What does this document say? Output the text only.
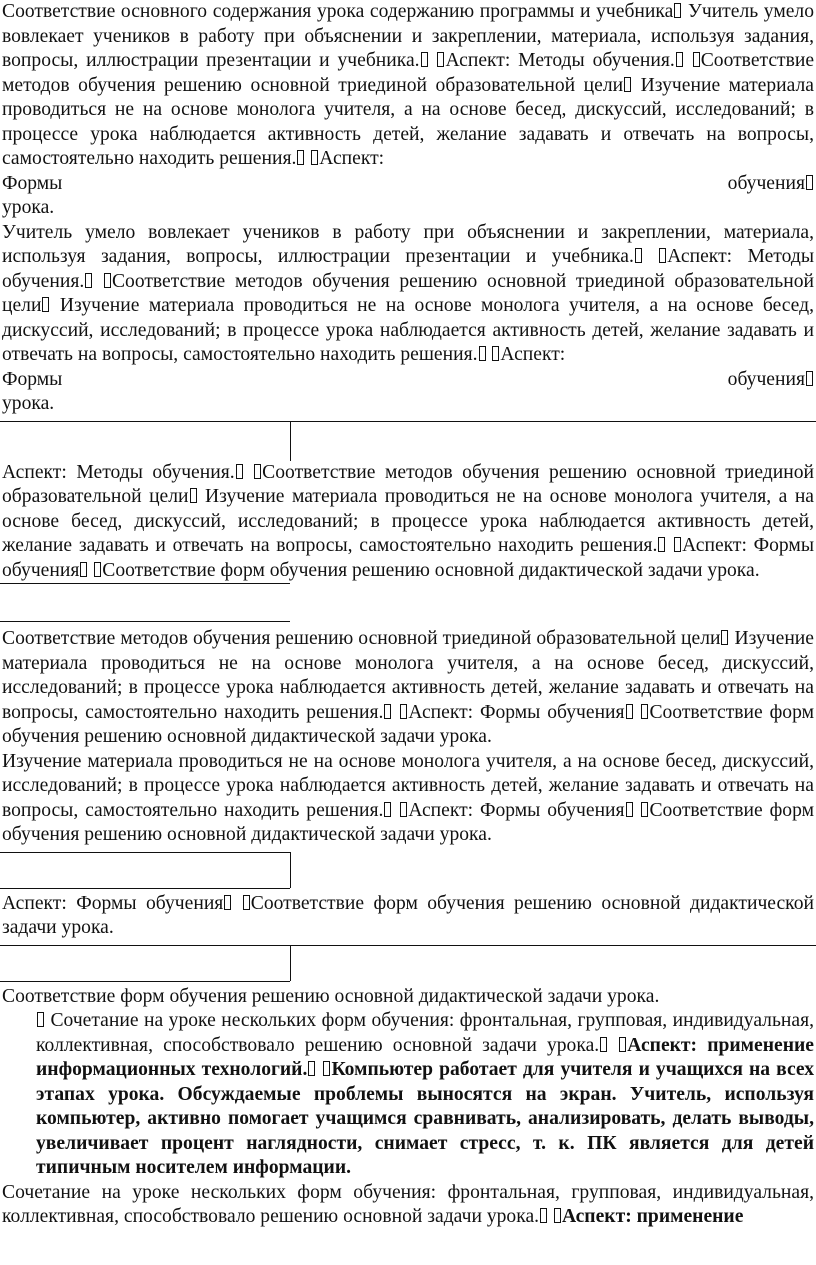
Соответствие основного содержания урока содержанию программы и учебника Учитель умело вовлекает учеников в работу при объяснении и закреплении, материала, используя задания, вопросы, иллюстрации презентации и учебника. Аспект: Методы обучения. Соответствие методов обучения решению основной триединой образовательной цели Изучение материала проводиться не на основе монолога учителя, а на основе бесед, дискуссий, исследований; в процессе урока наблюдается активность детей, желание задавать и отвечать на вопросы, самостоятельно находить решения. Аспект:

Формы	обучения

урока.

Учитель умело вовлекает учеников в работу при объяснении и закреплении, материала, используя задания, вопросы, иллюстрации презентации и учебника. Аспект: Методы обучения. Соответствие методов обучения решению основной триединой образовательной цели Изучение материала проводиться не на основе монолога учителя, а на основе бесед, дискуссий, исследований; в процессе урока наблюдается активность детей, желание задавать и отвечать на вопросы, самостоятельно находить решения. Аспект:

Формы	обучения

урока.

Аспект: Методы обучения. Соответствие методов обучения решению основной триединой образовательной цели Изучение материала проводиться не на основе монолога учителя, а на основе бесед, дискуссий, исследований; в процессе урока наблюдается активность детей, желание задавать и отвечать на вопросы, самостоятельно находить решения. Аспект: Формы обучения Соответствие форм обучения решению основной дидактической задачи урока.

Соответствие методов обучения решению основной триединой образовательной цели Изучение материала проводиться не на основе монолога учителя, а на основе бесед, дискуссий, исследований; в процессе урока наблюдается активность детей, желание задавать и отвечать на вопросы, самостоятельно находить решения. Аспект: Формы обучения Соответствие форм обучения решению основной дидактической задачи урока.

Изучение материала проводиться не на основе монолога учителя, а на основе бесед, дискуссий, исследований; в процессе урока наблюдается активность детей, желание задавать и отвечать на вопросы, самостоятельно находить решения. Аспект: Формы обучения Соответствие форм обучения решению основной дидактической задачи урока.

Аспект: Формы обучения Соответствие форм обучения решению основной дидактической задачи урока.

Соответствие форм обучения решению основной дидактической задачи урока.

Сочетание на уроке нескольких форм обучения: фронтальная, групповая, индивидуальная, коллективная, способствовало решению основной задачи урока. Аспект: применение информационных технологий. Компьютер работает для учителя и учащихся на всех этапах урока. Обсуждаемые проблемы выносятся на экран. Учитель, используя компьютер, активно помогает учащимся сравнивать, анализировать, делать выводы, увеличивает процент наглядности, снимает стресс, т. к. ПК является для детей типичным носителем информации.

Сочетание на уроке нескольких форм обучения: фронтальная, групповая, индивидуальная, коллективная, способствовало решению основной задачи урока. Аспект: применение
